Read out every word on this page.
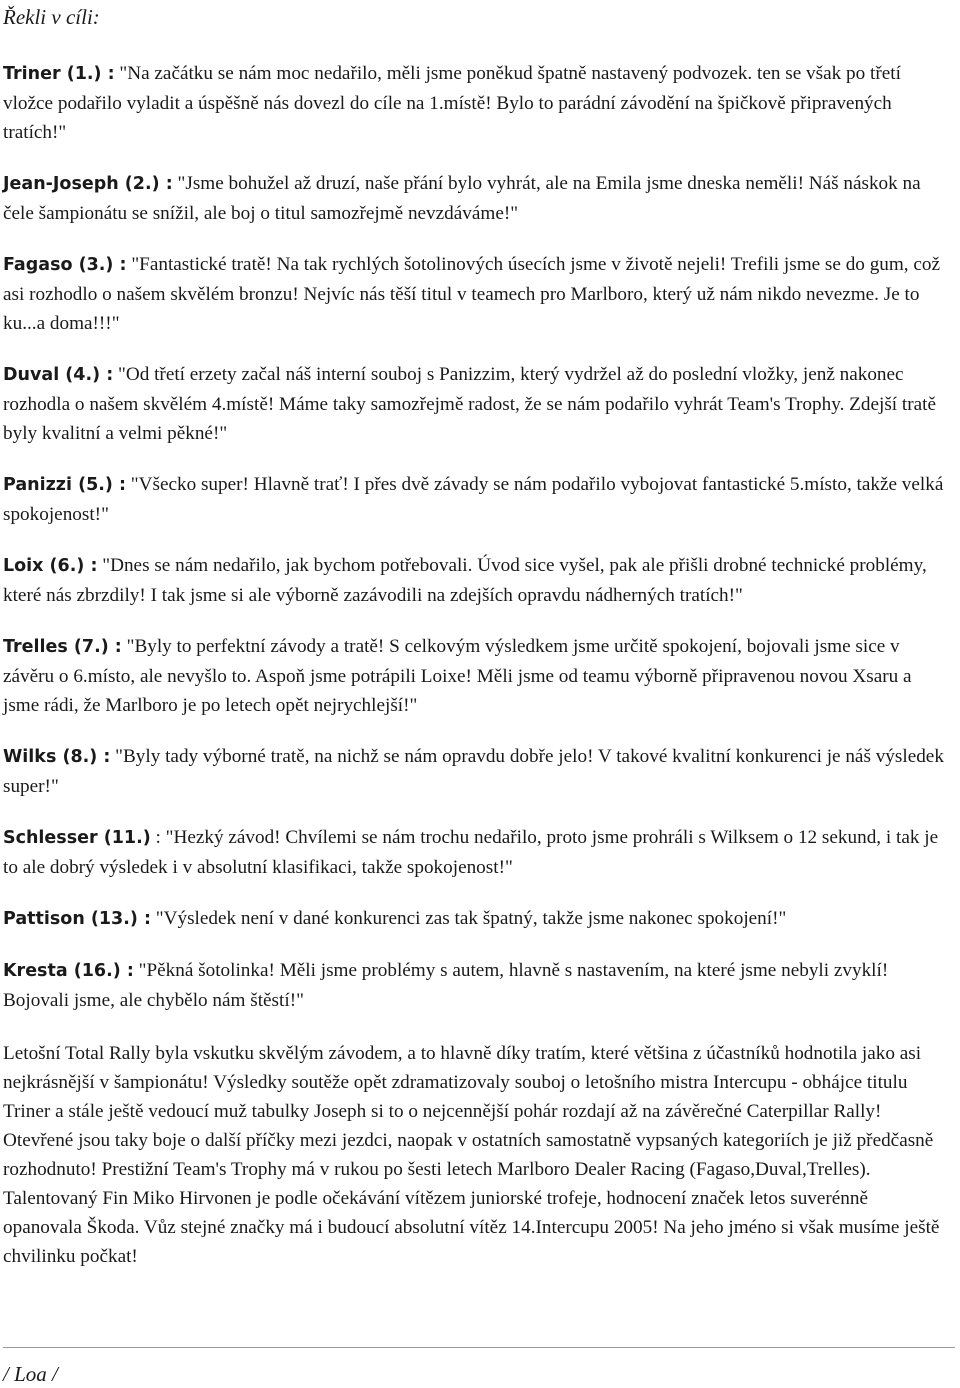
Řekli v cíli:

Triner (1.) : "Na začátku se nám moc nedařilo, měli jsme poněkud špatně nastavený podvozek. ten se však po třetí vložce podařilo vyladit a úspěšně nás dovezl do cíle na 1.místě! Bylo to parádní závodění na špičkově připravených tratích!"

Jean-Joseph (2.) : "Jsme bohužel až druzí, naše přání bylo vyhrát, ale na Emila jsme dneska neměli! Náš náskok na čele šampionátu se snížil, ale boj o titul samozřejmě nevzdáváme!"

Fagaso (3.) : "Fantastické tratě! Na tak rychlých šotolinových úsecích jsme v životě nejeli! Trefili jsme se do gum, což asi rozhodlo o našem skvělém bronzu! Nejvíc nás těší titul v teamech pro Marlboro, který už nám nikdo nevezme. Je to ku...a doma!!!"

Duval (4.) : "Od třetí erzety začal náš interní souboj s Panizzim, který vydržel až do poslední vložky, jenž nakonec rozhodla o našem skvělém 4.místě! Máme taky samozřejmě radost, že se nám podařilo vyhrát Team's Trophy. Zdejší tratě byly kvalitní a velmi pěkné!"

Panizzi (5.) : "Všecko super! Hlavně trať! I přes dvě závady se nám podařilo vybojovat fantastické 5.místo, takže velká spokojenost!"

Loix (6.) : "Dnes se nám nedařilo, jak bychom potřebovali. Úvod sice vyšel, pak ale přišli drobné technické problémy, které nás zbrzdily! I tak jsme si ale výborně zazávodili na zdejších opravdu nádherných tratích!"

Trelles (7.) : "Byly to perfektní závody a tratě! S celkovým výsledkem jsme určitě spokojení, bojovali jsme sice v závěru o 6.místo, ale nevyšlo to. Aspoň jsme potrápili Loixe! Měli jsme od teamu výborně připravenou novou Xsaru a jsme rádi, že Marlboro je po letech opět nejrychlejší!"

Wilks (8.) : "Byly tady výborné tratě, na nichž se nám opravdu dobře jelo! V takové kvalitní konkurenci je náš výsledek super!"

Schlesser (11.) : "Hezký závod! Chvílemi se nám trochu nedařilo, proto jsme prohráli s Wilksem o 12 sekund, i tak je to ale dobrý výsledek i v absolutní klasifikaci, takže spokojenost!"

Pattison (13.) : "Výsledek není v dané konkurenci zas tak špatný, takže jsme nakonec spokojení!"

Kresta (16.) : "Pěkná šotolinka! Měli jsme problémy s autem, hlavně s nastavením, na které jsme nebyli zvyklí! Bojovali jsme, ale chybělo nám štěstí!"

Letošní Total Rally byla vskutku skvělým závodem, a to hlavně díky tratím, které většina z účastníků hodnotila jako asi nejkrásnější v šampionátu! Výsledky soutěže opět zdramatizovaly souboj o letošního mistra Intercupu - obhájce titulu Triner a stále ještě vedoucí muž tabulky Joseph si to o nejcennější pohár rozdají až na závěrečné Caterpillar Rally! Otevřené jsou taky boje o další příčky mezi jezdci, naopak v ostatních samostatně vypsaných kategoriích je již předčasně rozhodnuto! Prestižní Team's Trophy má v rukou po šesti letech Marlboro Dealer Racing (Fagaso,Duval,Trelles). Talentovaný Fin Miko Hirvonen je podle očekávání vítězem juniorské trofeje, hodnocení značek letos suverénně opanovala Škoda. Vůz stejné značky má i budoucí absolutní vítěz 14.Intercupu 2005! Na jeho jméno si však musíme ještě chvilinku počkat!

/ Loa /
